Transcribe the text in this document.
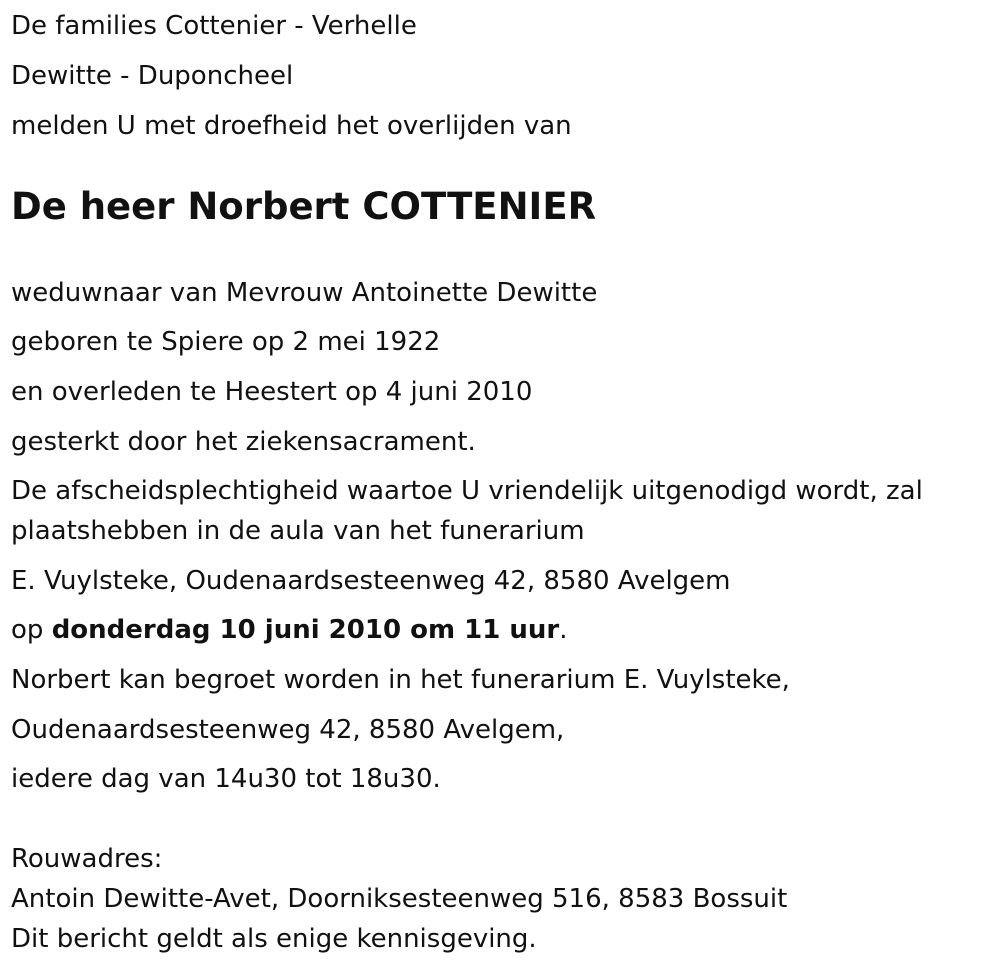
De families Cottenier - Verhelle

Dewitte - Duponcheel

melden U met droefheid het overlijden van

De heer Norbert COTTENIER

weduwnaar van Mevrouw Antoinette Dewitte

geboren te Spiere op 2 mei 1922

en overleden te Heestert op 4 juni 2010

gesterkt door het ziekensacrament.

De afscheidsplechtigheid waartoe U vriendelijk uitgenodigd wordt, zal

plaatshebben in de aula van het funerarium

E. Vuylsteke, Oudenaardsesteenweg 42, 8580 Avelgem

op donderdag 10 juni 2010 om 11 uur.

Norbert kan begroet worden in het funerarium E. Vuylsteke,

Oudenaardsesteenweg 42, 8580 Avelgem,

iedere dag van 14u30 tot 18u30.

Rouwadres:

Antoin Dewitte-Avet, Doorniksesteenweg 516, 8583 Bossuit

Dit bericht geldt als enige kennisgeving.
